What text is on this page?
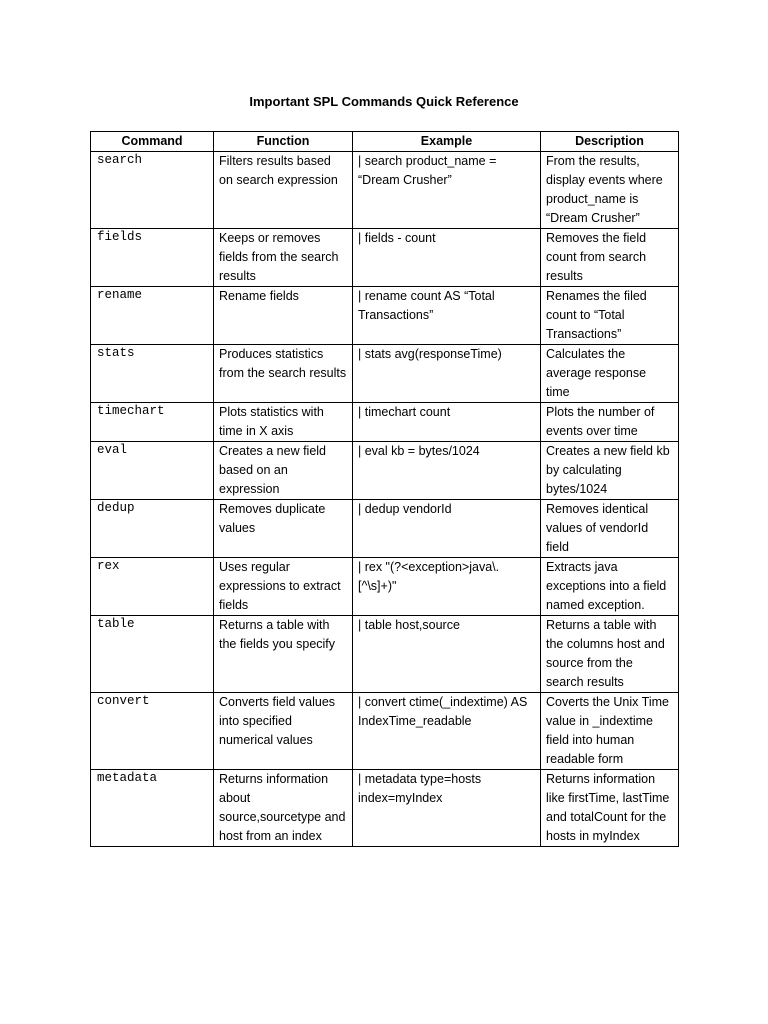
Important SPL Commands Quick Reference
Command	Function	Example	Description
search	Filters results based on search expression	| search product_name = “Dream Crusher”	From the results, display events where product_name is “Dream Crusher”
fields	Keeps or removes fields from the search results	| fields - count	Removes the field count from search results
rename	Rename fields	| rename count AS “Total Transactions”	Renames the filed count to “Total Transactions”
stats	Produces statistics from the search results	| stats avg(responseTime)	Calculates the average response time
timechart	Plots statistics with time in X axis	| timechart count	Plots the number of events over time
eval	Creates a new field based on an expression	| eval kb = bytes/1024	Creates a new field kb by calculating bytes/1024
dedup	Removes duplicate values	| dedup vendorId	Removes identical values of vendorId field
rex	Uses regular expressions to extract fields	| rex "(?<exception>java\.[^\s]+)"	Extracts java exceptions into a field named exception.
table	Returns a table with the fields you specify	| table host,source	Returns a table with the columns host and source from the search results
convert	Converts field values into specified numerical values	| convert ctime(_indextime) AS IndexTime_readable	Coverts the Unix Time value in _indextime field into human readable form
metadata	Returns information about source,sourcetype and host from an index	| metadata type=hosts index=myIndex	Returns information like firstTime, lastTime and totalCount for the hosts in myIndex
